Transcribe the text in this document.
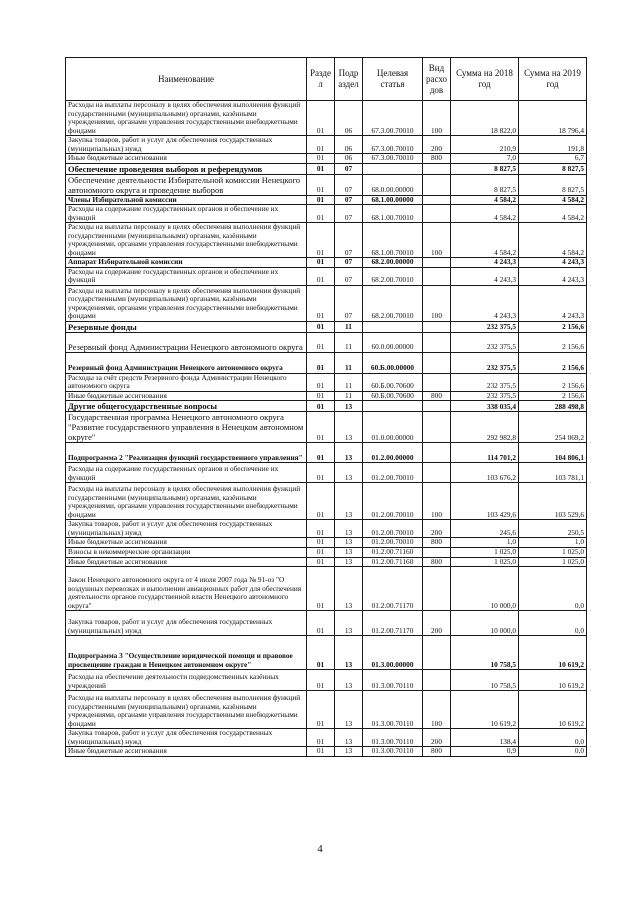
Наименование	Разде л	Подр аздел	Целевая статья	Вид расхо дов	Сумма на 2018 год	Сумма на 2019 год
Расходы на выплаты персоналу в целях обеспечения выполнения функций государственными (муниципальными) органами, казёнными учреждениями, органами управления государственными внебюджетными фондами	01	06	67.3.00.70010	100	18 822,0	18 796,4
Закупка товаров, работ и услуг для обеспечения государственных (муниципальных) нужд	01	06	67.3.00.70010	200	210,9	191,8
Иные бюджетные ассигнования	01	06	67.3.00.70010	800	7,0	6,7
Обеспечение проведения выборов и референдумов	01	07			8 827,5	8 827,5
Обеспечение деятельности Избирательной комиссии Ненецкого автономного округа и проведение выборов	01	07	68.0.00.00000		8 827,5	8 827,5
Члены Избирательной комиссии	01	07	68.1.00.00000		4 584,2	4 584,2
Расходы на содержание государственных органов и обеспечение их функций	01	07	68.1.00.70010		4 584,2	4 584,2
Расходы на выплаты персоналу в целях обеспечения выполнения функций государственными (муниципальными) органами, казёнными учреждениями, органами управления государственными внебюджетными фондами	01	07	68.1.00.70010	100	4 584,2	4 584,2
Аппарат Избирательной комиссии	01	07	68.2.00.00000		4 243,3	4 243,3
Расходы на содержание государственных органов и обеспечение их функций	01	07	68.2.00.70010		4 243,3	4 243,3
Расходы на выплаты персоналу в целях обеспечения выполнения функций государственными (муниципальными) органами, казёнными учреждениями, органами управления государственными внебюджетными фондами	01	07	68.2.00.70010	100	4 243,3	4 243,3
Резервные фонды	01	11			232 375,5	2 156,6
Резервный фонд Администрации Ненецкого автономного округа	01	11	60.0.00.00000		232 375,5	2 156,6
Резервный фонд Администрации Ненецкого автономного округа	01	11	60.Б.00.00000		232 375,5	2 156,6
Расходы за счёт средств Резервного фонда Администрации Ненецкого автономного округа	01	11	60.Б.00.70600		232 375,5	2 156,6
Иные бюджетные ассигнования	01	11	60.Б.00.70600	800	232 375,5	2 156,6
Другие общегосударственные вопросы	01	13			338 035,4	288 498,8
Государственная программа Ненецкого автономного округа "Развитие государственного управления в Ненецком автономном округе"	01	13	01.0.00.00000		292 982,8	254 069,2
Подпрограмма 2 "Реализация функций государственного управления"	01	13	01.2.00.00000		114 701,2	104 806,1
Расходы на содержание государственных органов и обеспечение их функций	01	13	01.2.00.70010		103 676,2	103 781,1
Расходы на выплаты персоналу в целях обеспечения выполнения функций государственными (муниципальными) органами, казёнными учреждениями, органами управления государственными внебюджетными фондами	01	13	01.2.00.70010	100	103 429,6	103 529,6
Закупка товаров, работ и услуг для обеспечения государственных (муниципальных) нужд	01	13	01.2.00.70010	200	245,6	250,5
Иные бюджетные ассигнования	01	13	01.2.00.70010	800	1,0	1,0
Взносы в некоммерческие организации	01	13	01.2.00.71160		1 025,0	1 025,0
Иные бюджетные ассигнования	01	13	01.2.00.71160	800	1 025,0	1 025,0
Закон Ненецкого автономного округа от 4 июля 2007 года № 91-оз "О воздушных перевозках и выполнении авиационных работ для обеспечения деятельности органов государственной власти Ненецкого автономного округа"	01	13	01.2.00.71170		10 000,0	0,0
Закупка товаров, работ и услуг для обеспечения государственных (муниципальных) нужд	01	13	01.2.00.71170	200	10 000,0	0,0
Подпрограмма 3 "Осуществление юридической помощи и правовое просвещение граждан в Ненецком автономном округе"	01	13	01.3.00.00000		10 758,5	10 619,2
Расходы на обеспечение деятельности подведомственных казённых учреждений	01	13	01.3.00.70110		10 758,5	10 619,2
Расходы на выплаты персоналу в целях обеспечения выполнения функций государственными (муниципальными) органами, казёнными учреждениями, органами управления государственными внебюджетными фондами	01	13	01.3.00.70110	100	10 619,2	10 619,2
Закупка товаров, работ и услуг для обеспечения государственных (муниципальных) нужд	01	13	01.3.00.70110	200	138,4	0,0
Иные бюджетные ассигнования	01	13	01.3.00.70110	800	0,9	0,0
4
